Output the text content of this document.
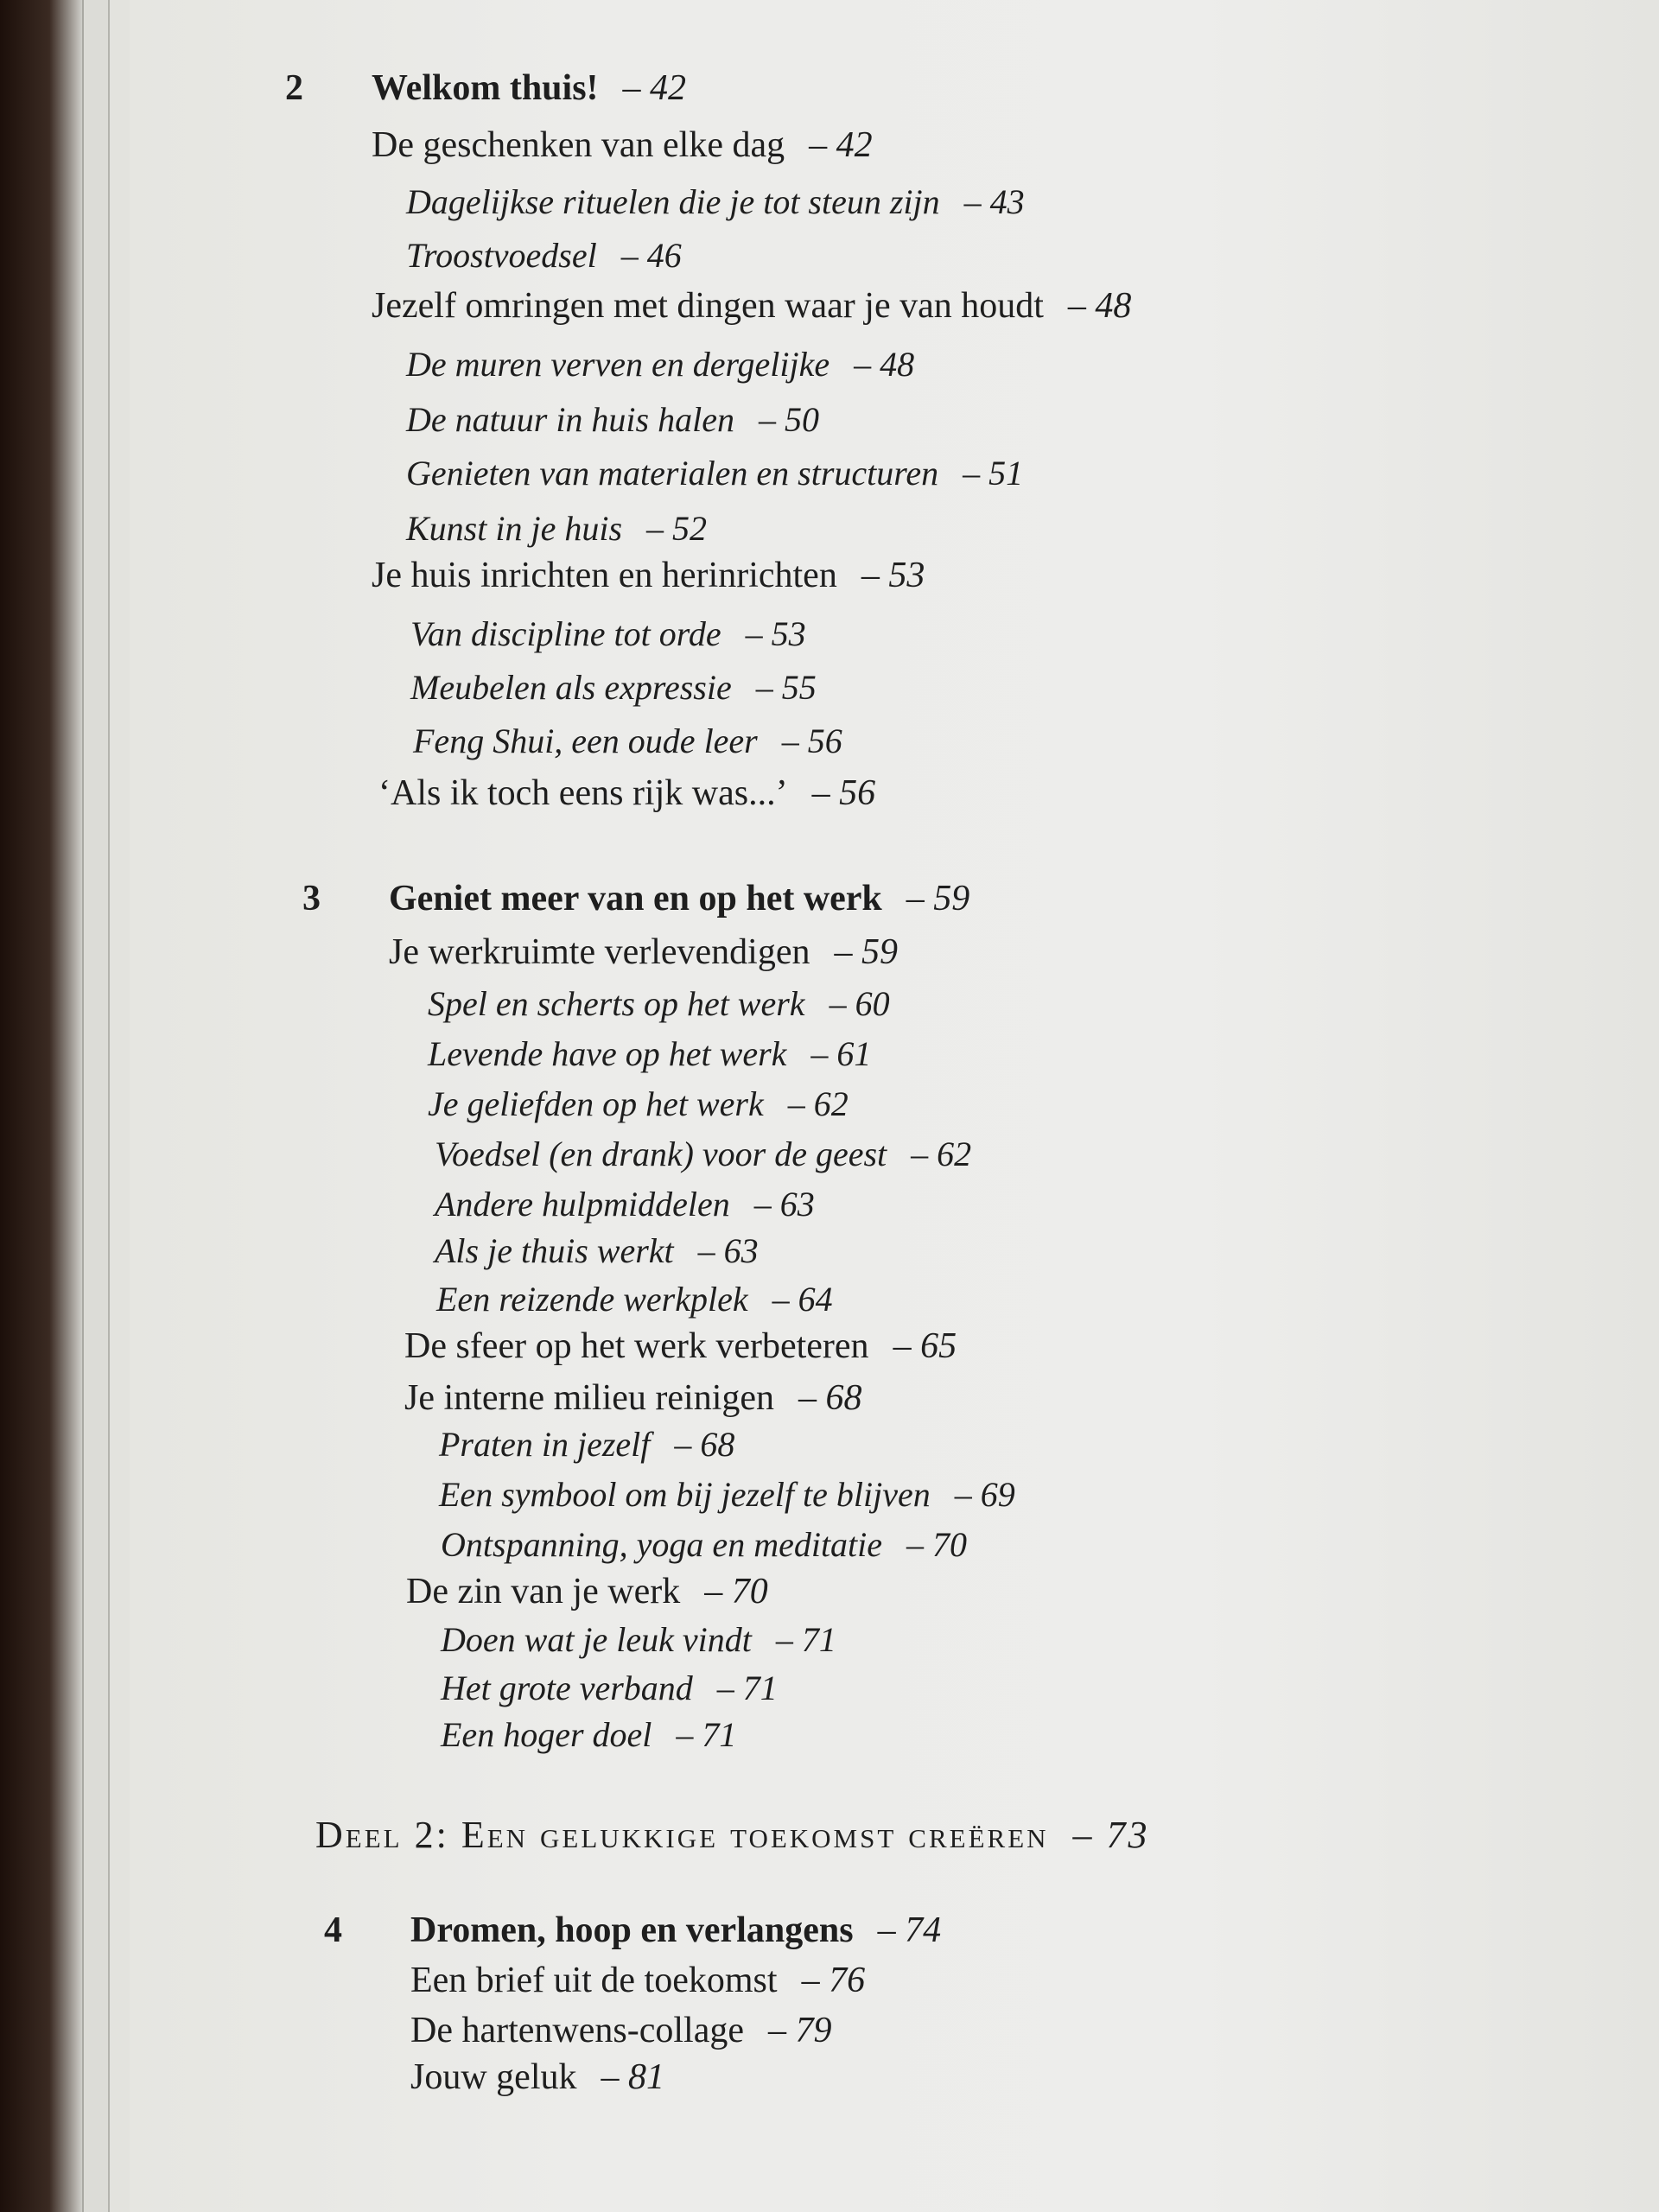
2 Welkom thuis! – 42
De geschenken van elke dag – 42
Dagelijkse rituelen die je tot steun zijn – 43
Troostvoedsel – 46
Jezelf omringen met dingen waar je van houdt – 48
De muren verven en dergelijke – 48
De natuur in huis halen – 50
Genieten van materialen en structuren – 51
Kunst in je huis – 52
Je huis inrichten en herinrichten – 53
Van discipline tot orde – 53
Meubelen als expressie – 55
Feng Shui, een oude leer – 56
‘Als ik toch eens rijk was...’ – 56
3 Geniet meer van en op het werk – 59
Je werkruimte verlevendigen – 59
Spel en scherts op het werk – 60
Levende have op het werk – 61
Je geliefden op het werk – 62
Voedsel (en drank) voor de geest – 62
Andere hulpmiddelen – 63
Als je thuis werkt – 63
Een reizende werkplek – 64
De sfeer op het werk verbeteren – 65
Je interne milieu reinigen – 68
Praten in jezelf – 68
Een symbool om bij jezelf te blijven – 69
Ontspanning, yoga en meditatie – 70
De zin van je werk – 70
Doen wat je leuk vindt – 71
Het grote verband – 71
Een hoger doel – 71
Deel 2: Een gelukkige toekomst creëren – 73
4 Dromen, hoop en verlangens – 74
Een brief uit de toekomst – 76
De hartenwens-collage – 79
Jouw geluk – 81
